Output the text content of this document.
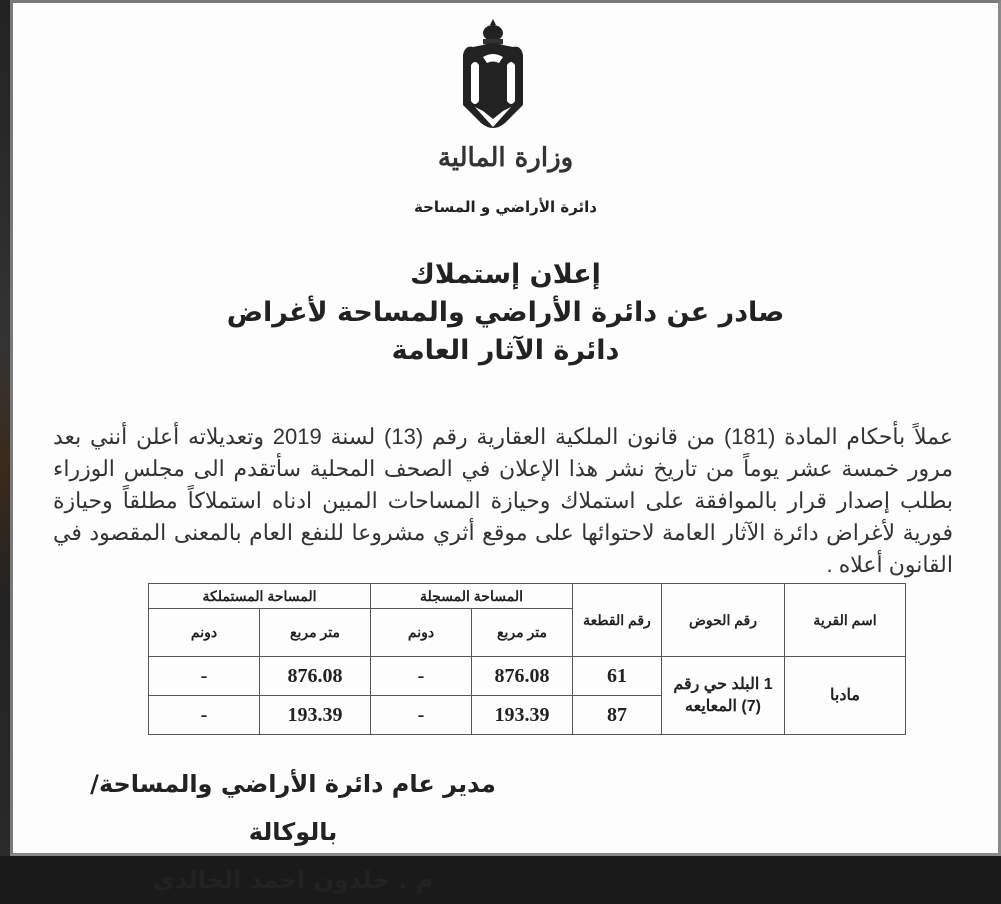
وزارة المالية
دائرة الأراضي و المساحة
إعلان إستملاك
صادر عن دائرة الأراضي والمساحة لأغراض
دائرة الآثار العامة
عملاً بأحكام المادة (181) من قانون الملكية العقارية رقم (13) لسنة 2019 وتعديلاته أعلن أنني بعد مرور خمسة عشر يوماً من تاريخ نشر هذا الإعلان في الصحف المحلية سأتقدم الى مجلس الوزراء بطلب إصدار قرار بالموافقة على استملاك وحيازة المساحات المبين ادناه استملاكاً مطلقاً وحيازة فورية لأغراض دائرة الآثار العامة لاحتوائها على موقع أثري مشروعا للنفع العام بالمعنى المقصود في القانون أعلاه .
اسم القرية	رقم الحوض	رقم القطعة	المساحة المسجلة		المساحة المستملكة	
			متر مربع	دونم	متر مربع	دونم
مادبا	1 البلد حي رقم (7) المعايعه	61	876.08	-	876.08	-
		87	193.39	-	193.39	-
مدير عام دائرة الأراضي والمساحة/بالوكالة
م . خلدون احمد الخالدي
